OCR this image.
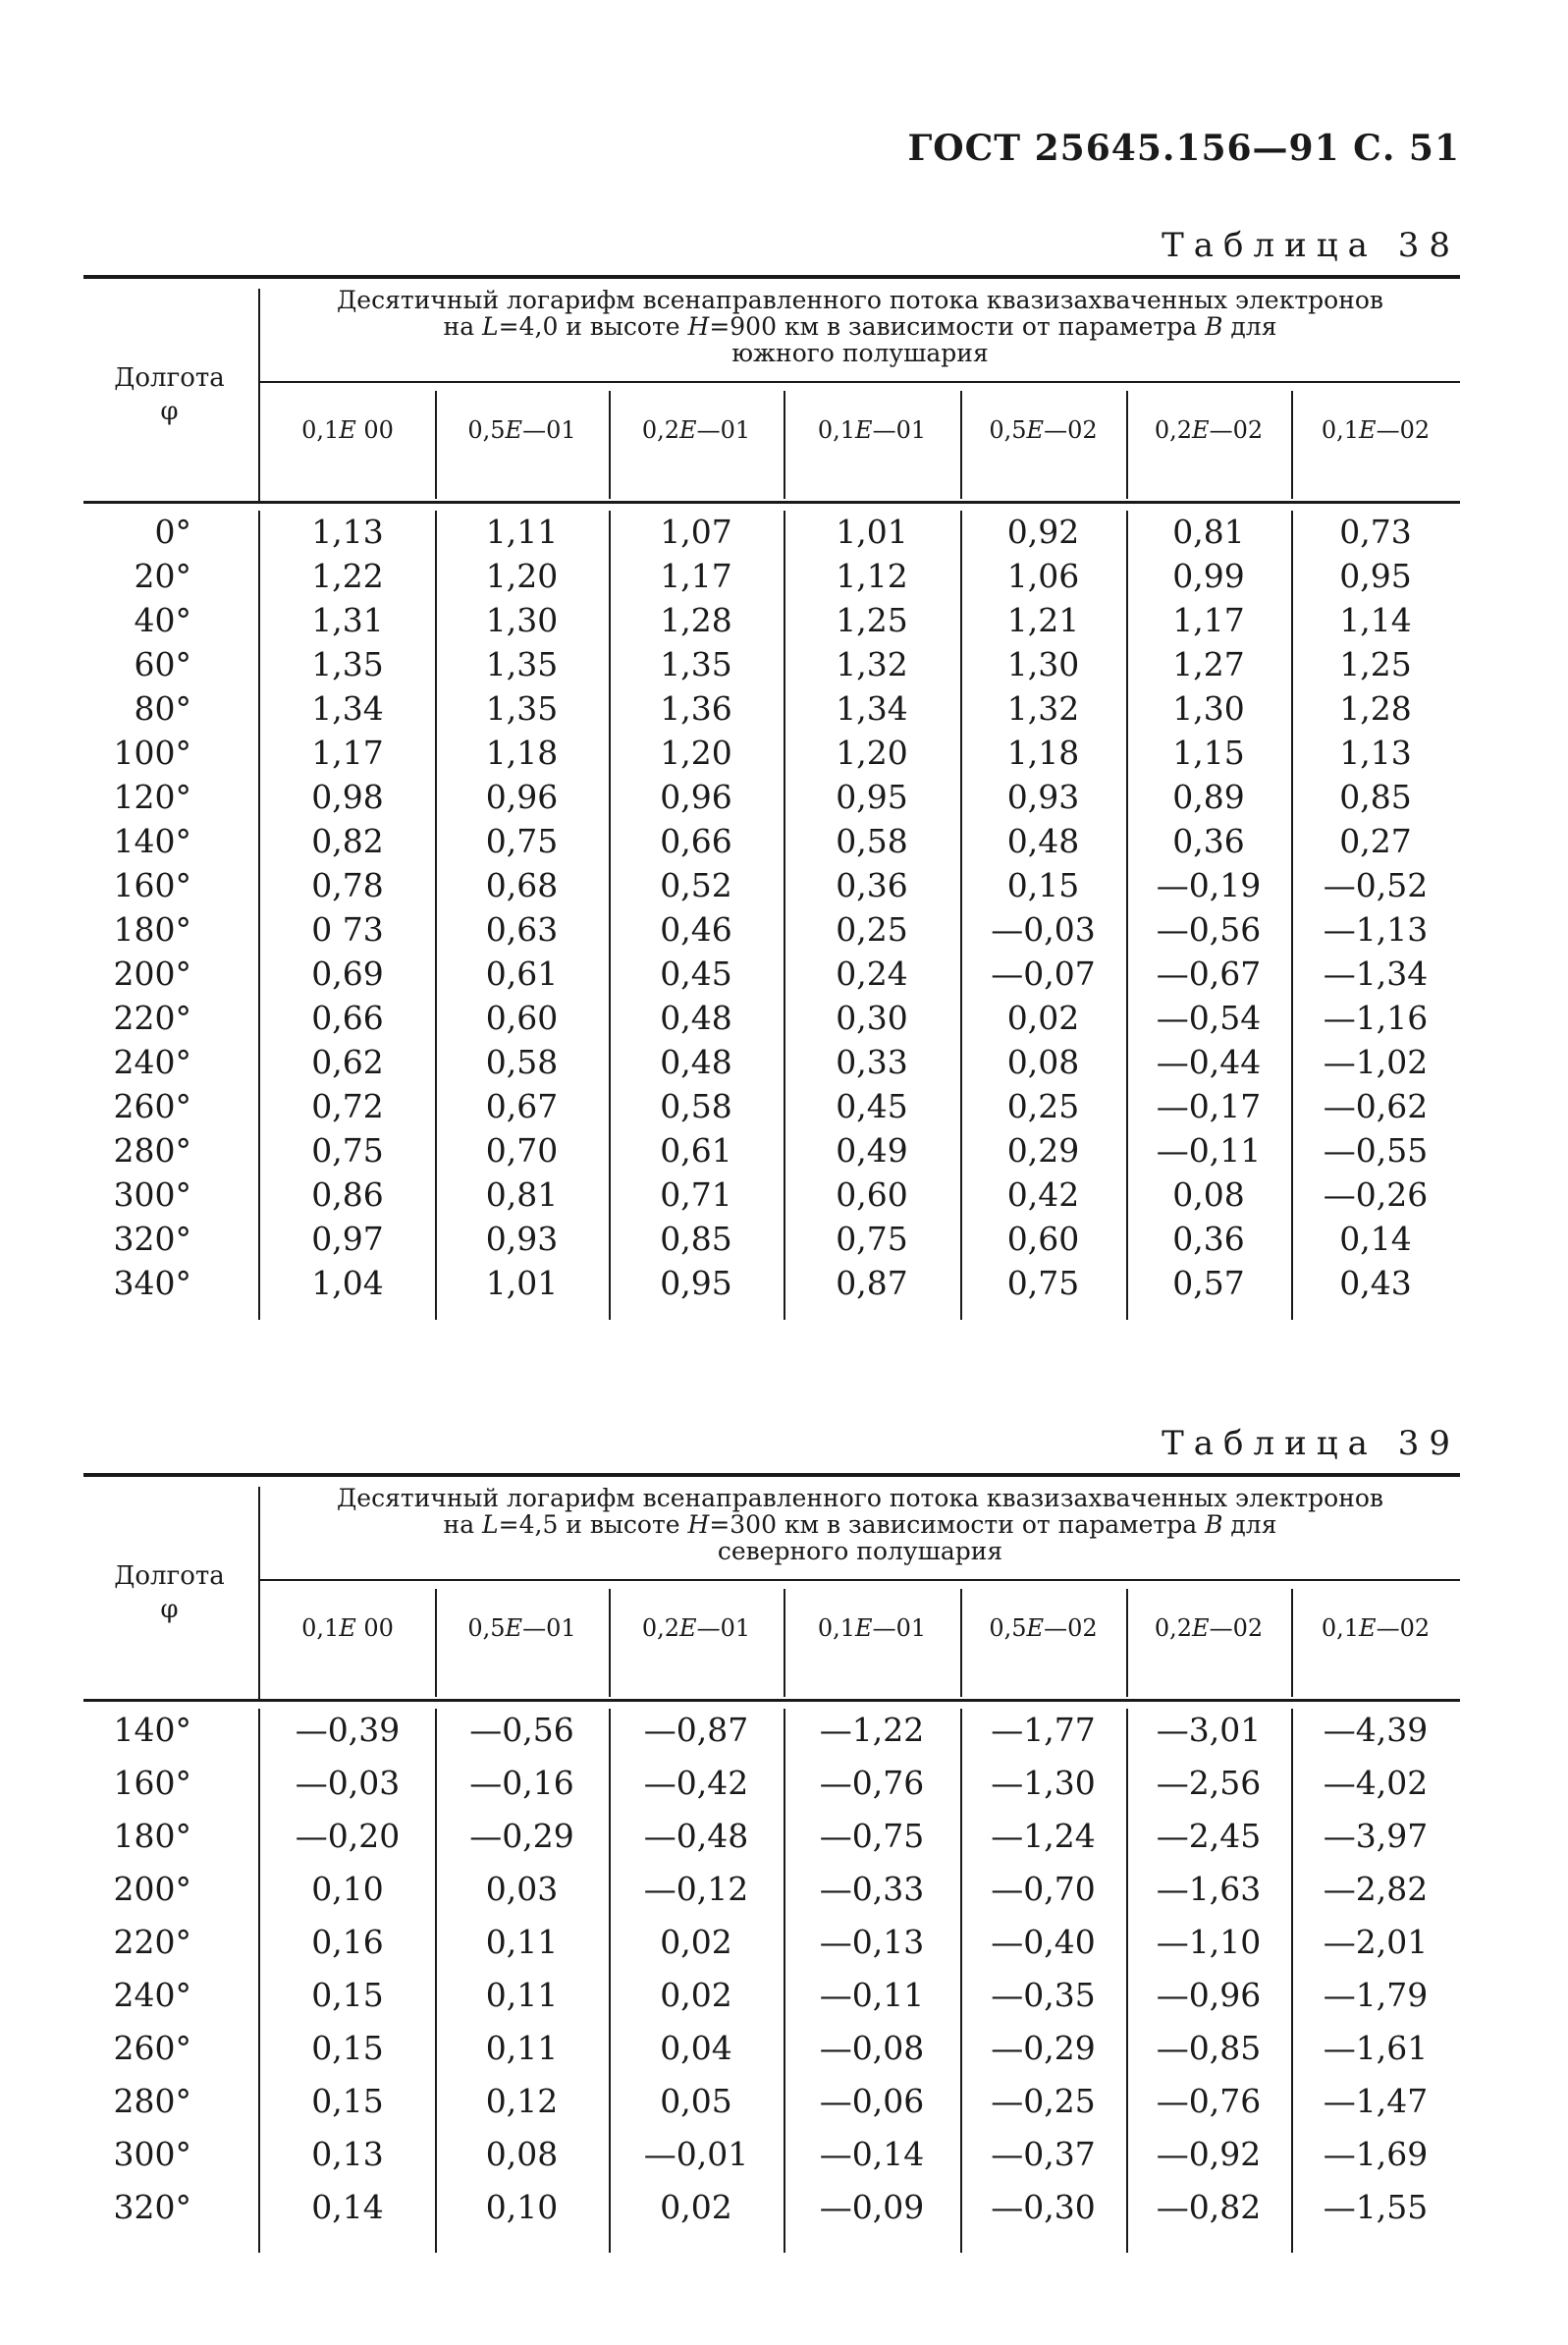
ГОСТ 25645.156—91 С. 51
Таблица 38
Десятичный логарифм всенаправленного потока квазизахваченных электронов
на L=4,0 и высоте H=900 км в зависимости от параметра B для
южного полушария
Долгота
φ
0,1E 00	0,5E—01	0,2E—01	0,1E—01	0,5E—02	0,2E—02	0,1E—02
0°	1,13	1,11	1,07	1,01	0,92	0,81	0,73
20°	1,22	1,20	1,17	1,12	1,06	0,99	0,95
40°	1,31	1,30	1,28	1,25	1,21	1,17	1,14
60°	1,35	1,35	1,35	1,32	1,30	1,27	1,25
80°	1,34	1,35	1,36	1,34	1,32	1,30	1,28
100°	1,17	1,18	1,20	1,20	1,18	1,15	1,13
120°	0,98	0,96	0,96	0,95	0,93	0,89	0,85
140°	0,82	0,75	0,66	0,58	0,48	0,36	0,27
160°	0,78	0,68	0,52	0,36	0,15	—0,19	—0,52
180°	0 73	0,63	0,46	0,25	—0,03	—0,56	—1,13
200°	0,69	0,61	0,45	0,24	—0,07	—0,67	—1,34
220°	0,66	0,60	0,48	0,30	0,02	—0,54	—1,16
240°	0,62	0,58	0,48	0,33	0,08	—0,44	—1,02
260°	0,72	0,67	0,58	0,45	0,25	—0,17	—0,62
280°	0,75	0,70	0,61	0,49	0,29	—0,11	—0,55
300°	0,86	0,81	0,71	0,60	0,42	0,08	—0,26
320°	0,97	0,93	0,85	0,75	0,60	0,36	0,14
340°	1,04	1,01	0,95	0,87	0,75	0,57	0,43
Таблица 39
Десятичный логарифм всенаправленного потока квазизахваченных электронов
на L=4,5 и высоте H=300 км в зависимости от параметра B для
северного полушария
Долгота
φ
0,1E 00	0,5E—01	0,2E—01	0,1E—01	0,5E—02	0,2E—02	0,1E—02
140°	—0,39	—0,56	—0,87	—1,22	—1,77	—3,01	—4,39
160°	—0,03	—0,16	—0,42	—0,76	—1,30	—2,56	—4,02
180°	—0,20	—0,29	—0,48	—0,75	—1,24	—2,45	—3,97
200°	0,10	0,03	—0,12	—0,33	—0,70	—1,63	—2,82
220°	0,16	0,11	0,02	—0,13	—0,40	—1,10	—2,01
240°	0,15	0,11	0,02	—0,11	—0,35	—0,96	—1,79
260°	0,15	0,11	0,04	—0,08	—0,29	—0,85	—1,61
280°	0,15	0,12	0,05	—0,06	—0,25	—0,76	—1,47
300°	0,13	0,08	—0,01	—0,14	—0,37	—0,92	—1,69
320°	0,14	0,10	0,02	—0,09	—0,30	—0,82	—1,55
